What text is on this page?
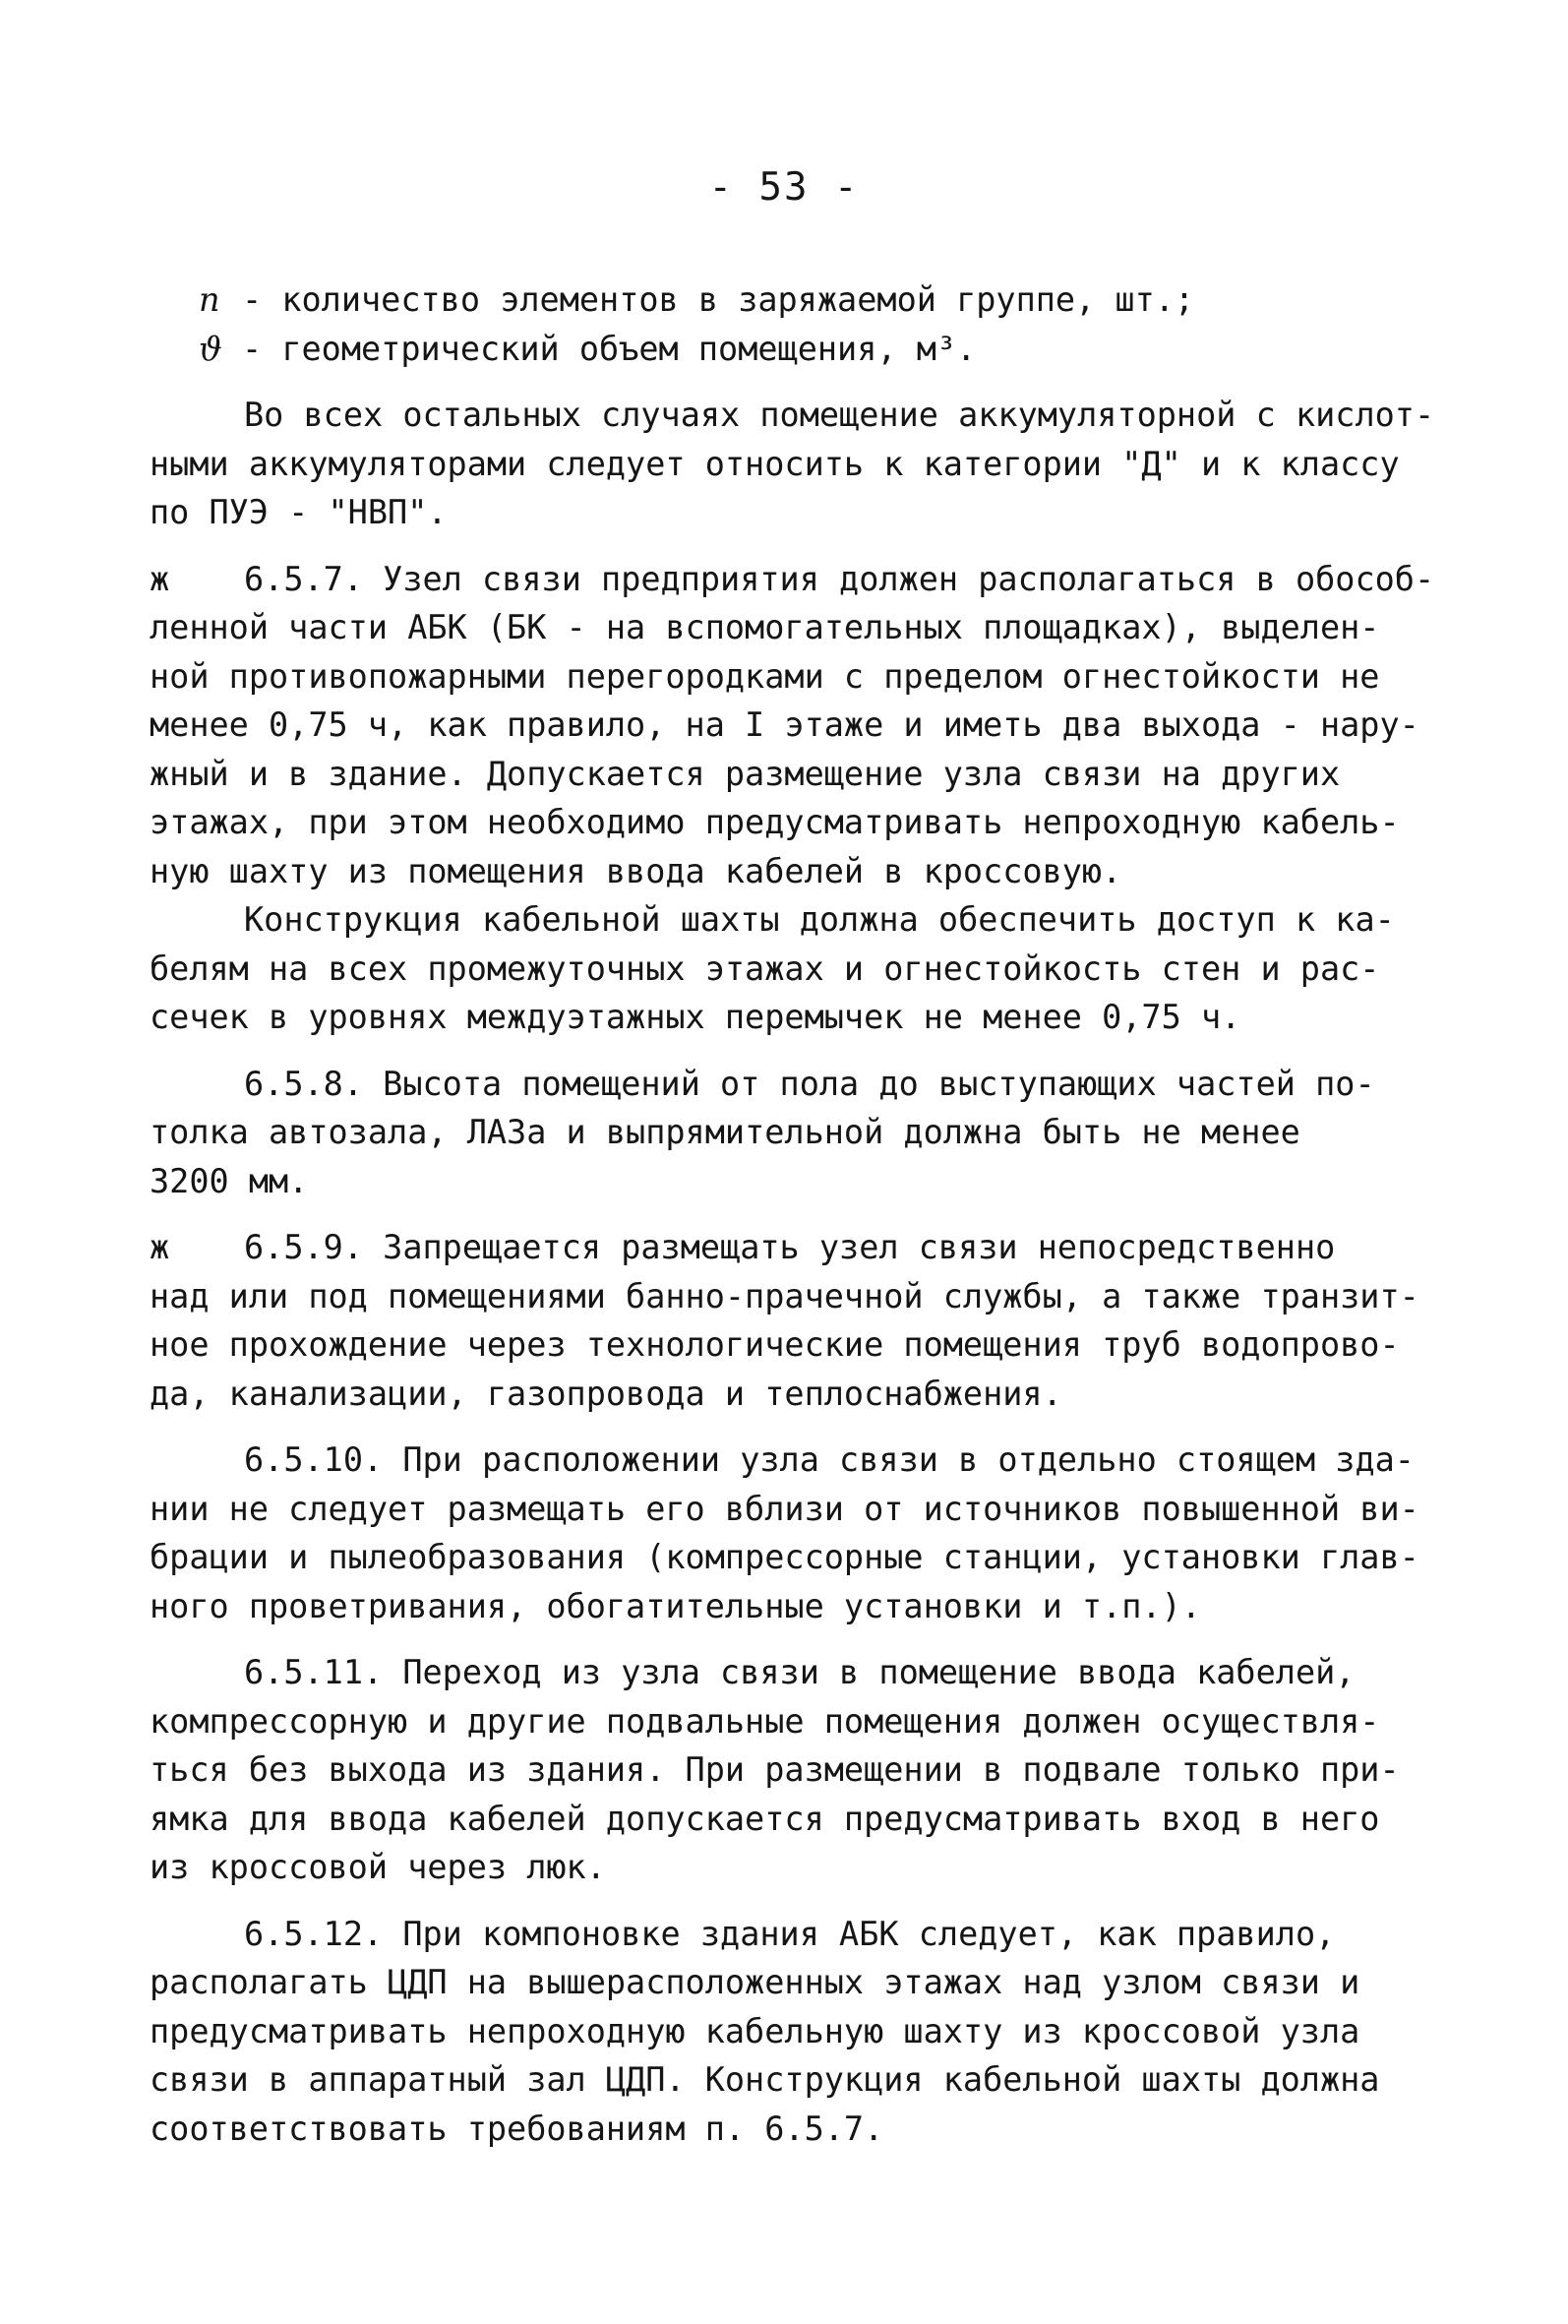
- 53 -
n - количество элементов в заряжаемой группе, шт.;
ϑ - геометрический объем помещения, м³.
Во всех остальных случаях помещение аккумуляторной с кислот-
ными аккумуляторами следует относить к категории "Д" и к классу
по ПУЭ - "НВП".
ж 6.5.7. Узел связи предприятия должен располагаться в обособ-
ленной части АБК (БК - на вспомогательных площадках), выделен-
ной противопожарными перегородками с пределом огнестойкости не
менее 0,75 ч, как правило, на I этаже и иметь два выхода - нару-
жный и в здание. Допускается размещение узла связи на других
этажах, при этом необходимо предусматривать непроходную кабель-
ную шахту из помещения ввода кабелей в кроссовую.
Конструкция кабельной шахты должна обеспечить доступ к ка-
белям на всех промежуточных этажах и огнестойкость стен и рас-
сечек в уровнях междуэтажных перемычек не менее 0,75 ч.
6.5.8. Высота помещений от пола до выступающих частей по-
толка автозала, ЛАЗа и выпрямительной должна быть не менее
3200 мм.
ж 6.5.9. Запрещается размещать узел связи непосредственно
над или под помещениями банно-прачечной службы, а также транзит-
ное прохождение через технологические помещения труб водопрово-
да, канализации, газопровода и теплоснабжения.
6.5.10. При расположении узла связи в отдельно стоящем зда-
нии не следует размещать его вблизи от источников повышенной ви-
брации и пылеобразования (компрессорные станции, установки глав-
ного проветривания, обогатительные установки и т.п.).
6.5.11. Переход из узла связи в помещение ввода кабелей,
компрессорную и другие подвальные помещения должен осуществля-
ться без выхода из здания. При размещении в подвале только при-
ямка для ввода кабелей допускается предусматривать вход в него
из кроссовой через люк.
6.5.12. При компоновке здания АБК следует, как правило,
располагать ЦДП на вышерасположенных этажах над узлом связи и
предусматривать непроходную кабельную шахту из кроссовой узла
связи в аппаратный зал ЦДП. Конструкция кабельной шахты должна
соответствовать требованиям п. 6.5.7.
